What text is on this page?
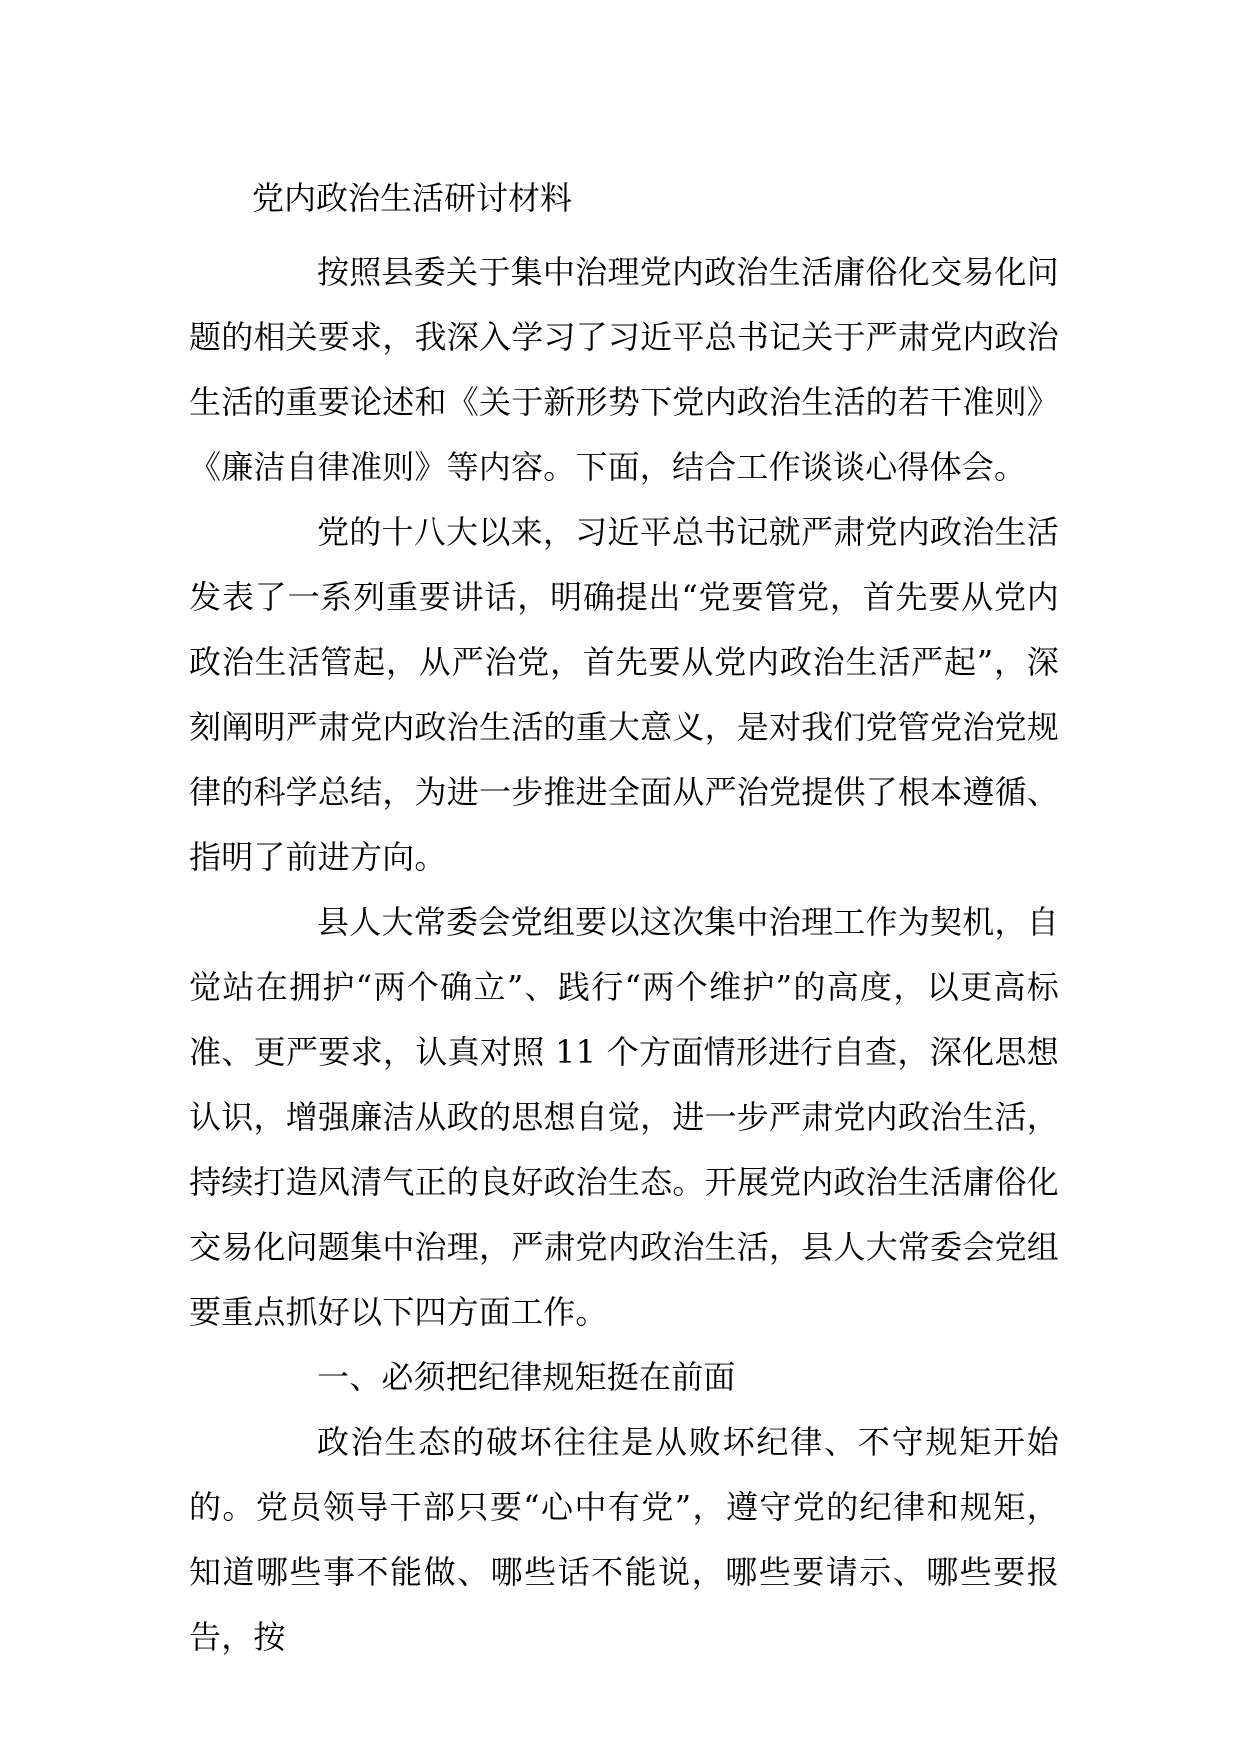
党内政治生活研讨材料

按照县委关于集中治理党内政治生活庸俗化交易化问题的相关要求，我深入学习了习近平总书记关于严肃党内政治生活的重要论述和《关于新形势下党内政治生活的若干准则》《廉洁自律准则》等内容。下面，结合工作谈谈心得体会。

党的十八大以来，习近平总书记就严肃党内政治生活发表了一系列重要讲话，明确提出“党要管党，首先要从党内政治生活管起，从严治党，首先要从党内政治生活严起”，深刻阐明严肃党内政治生活的重大意义，是对我们党管党治党规律的科学总结，为进一步推进全面从严治党提供了根本遵循、指明了前进方向。

县人大常委会党组要以这次集中治理工作为契机，自觉站在拥护“两个确立”、践行“两个维护”的高度，以更高标准、更严要求，认真对照 11 个方面情形进行自查，深化思想认识，增强廉洁从政的思想自觉，进一步严肃党内政治生活，持续打造风清气正的良好政治生态。开展党内政治生活庸俗化交易化问题集中治理，严肃党内政治生活，县人大常委会党组要重点抓好以下四方面工作。

一、必须把纪律规矩挺在前面

政治生态的破坏往往是从败坏纪律、不守规矩开始的。党员领导干部只要“心中有党”，遵守党的纪律和规矩，知道哪些事不能做、哪些话不能说，哪些要请示、哪些要报告，按
